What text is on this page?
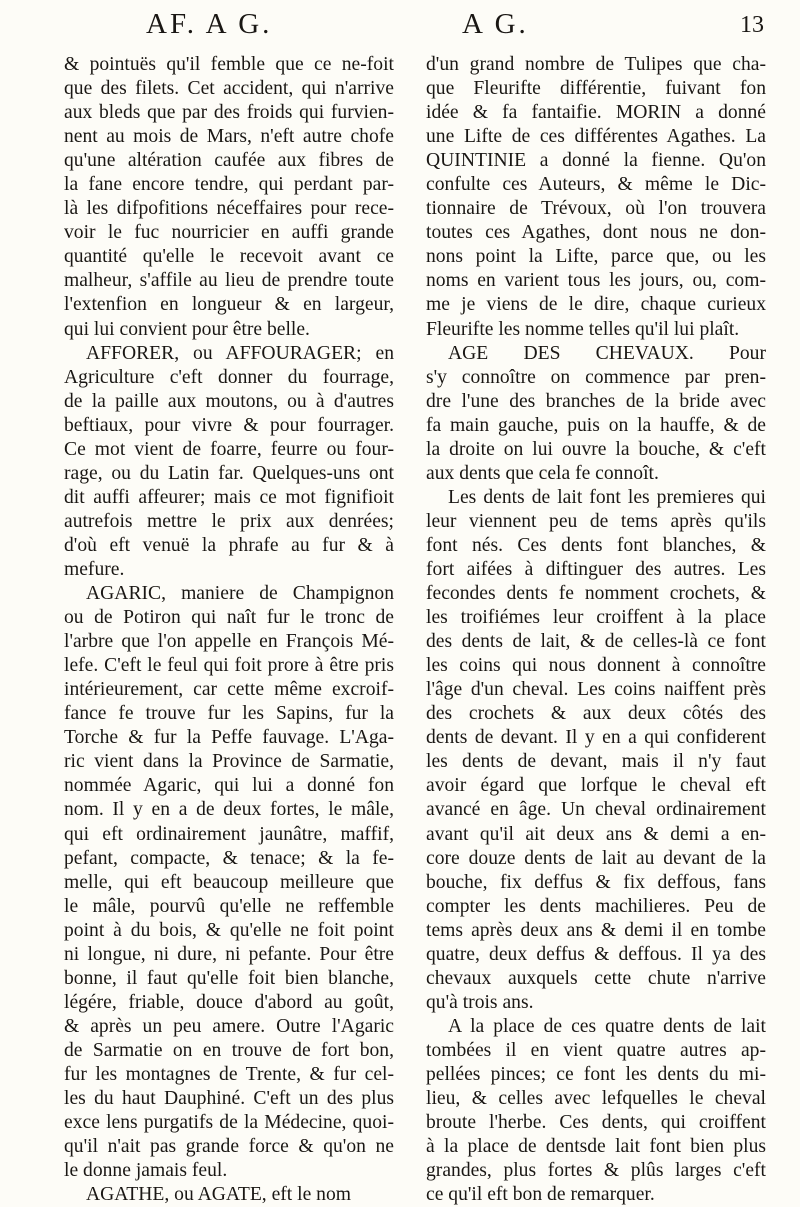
AF. A G.	A G.	13
& pointuës qu'il femble que ce ne-foit
que des filets. Cet accident, qui n'arrive
aux bleds que par des froids qui furvien-
nent au mois de Mars, n'eft autre chofe
qu'une altération caufée aux fibres de
la fane encore tendre, qui perdant par-
là les difpofitions néceffaires pour rece-
voir le fuc nourricier en auffi grande
quantité qu'elle le recevoit avant ce
malheur, s'affile au lieu de prendre toute
l'extenfion en longueur & en largeur,
qui lui convient pour être belle.
AFFORER, ou AFFOURAGER; en
Agriculture c'eft donner du fourrage,
de la paille aux moutons, ou à d'autres
beftiaux, pour vivre & pour fourrager.
Ce mot vient de foarre, feurre ou four-
rage, ou du Latin far. Quelques-uns ont
dit auffi affeurer; mais ce mot fignifioit
autrefois mettre le prix aux denrées;
d'où eft venuë la phrafe au fur & à
mefure.
AGARIC, maniere de Champignon
ou de Potiron qui naît fur le tronc de
l'arbre que l'on appelle en François Mé-
lefe. C'eft le feul qui foit prore à être pris
intérieurement, car cette même excroif-
fance fe trouve fur les Sapins, fur la
Torche & fur la Peffe fauvage. L'Aga-
ric vient dans la Province de Sarmatie,
nommée Agaric, qui lui a donné fon
nom. Il y en a de deux fortes, le mâle,
qui eft ordinairement jaunâtre, maffif,
pefant, compacte, & tenace; & la fe-
melle, qui eft beaucoup meilleure que
le mâle, pourvû qu'elle ne reffemble
point à du bois, & qu'elle ne foit point
ni longue, ni dure, ni pefante. Pour être
bonne, il faut qu'elle foit bien blanche,
légére, friable, douce d'abord au goût,
& après un peu amere. Outre l'Agaric
de Sarmatie on en trouve de fort bon,
fur les montagnes de Trente, & fur cel-
les du haut Dauphiné. C'eft un des plus
exce lens purgatifs de la Médecine, quoi-
qu'il n'ait pas grande force & qu'on ne
le donne jamais feul.
AGATHE, ou AGATE, eft le nom
d'un grand nombre de Tulipes que cha-
que Fleurifte différentie, fuivant fon
idée & fa fantaifie. MORIN a donné
une Lifte de ces différentes Agathes. La
QUINTINIE a donné la fienne. Qu'on
confulte ces Auteurs, & même le Dic-
tionnaire de Trévoux, où l'on trouvera
toutes ces Agathes, dont nous ne don-
nons point la Lifte, parce que, ou les
noms en varient tous les jours, ou, com-
me je viens de le dire, chaque curieux
Fleurifte les nomme telles qu'il lui plaît.
AGE DES CHEVAUX. Pour
s'y connoître on commence par pren-
dre l'une des branches de la bride avec
fa main gauche, puis on la hauffe, & de
la droite on lui ouvre la bouche, & c'eft
aux dents que cela fe connoît.
Les dents de lait font les premieres qui
leur viennent peu de tems après qu'ils
font nés. Ces dents font blanches, &
fort aifées à diftinguer des autres. Les
fecondes dents fe nomment crochets, &
les troifiémes leur croiffent à la place
des dents de lait, & de celles-là ce font
les coins qui nous donnent à connoître
l'âge d'un cheval. Les coins naiffent près
des crochets & aux deux côtés des
dents de devant. Il y en a qui confiderent
les dents de devant, mais il n'y faut
avoir égard que lorfque le cheval eft
avancé en âge. Un cheval ordinairement
avant qu'il ait deux ans & demi a en-
core douze dents de lait au devant de la
bouche, fix deffus & fix deffous, fans
compter les dents machilieres. Peu de
tems après deux ans & demi il en tombe
quatre, deux deffus & deffous. Il ya des
chevaux auxquels cette chute n'arrive
qu'à trois ans.
A la place de ces quatre dents de lait
tombées il en vient quatre autres ap-
pellées pinces; ce font les dents du mi-
lieu, & celles avec lefquelles le cheval
broute l'herbe. Ces dents, qui croiffent
à la place de dentsde lait font bien plus
grandes, plus fortes & plûs larges c'eft
ce qu'il eft bon de remarquer.
